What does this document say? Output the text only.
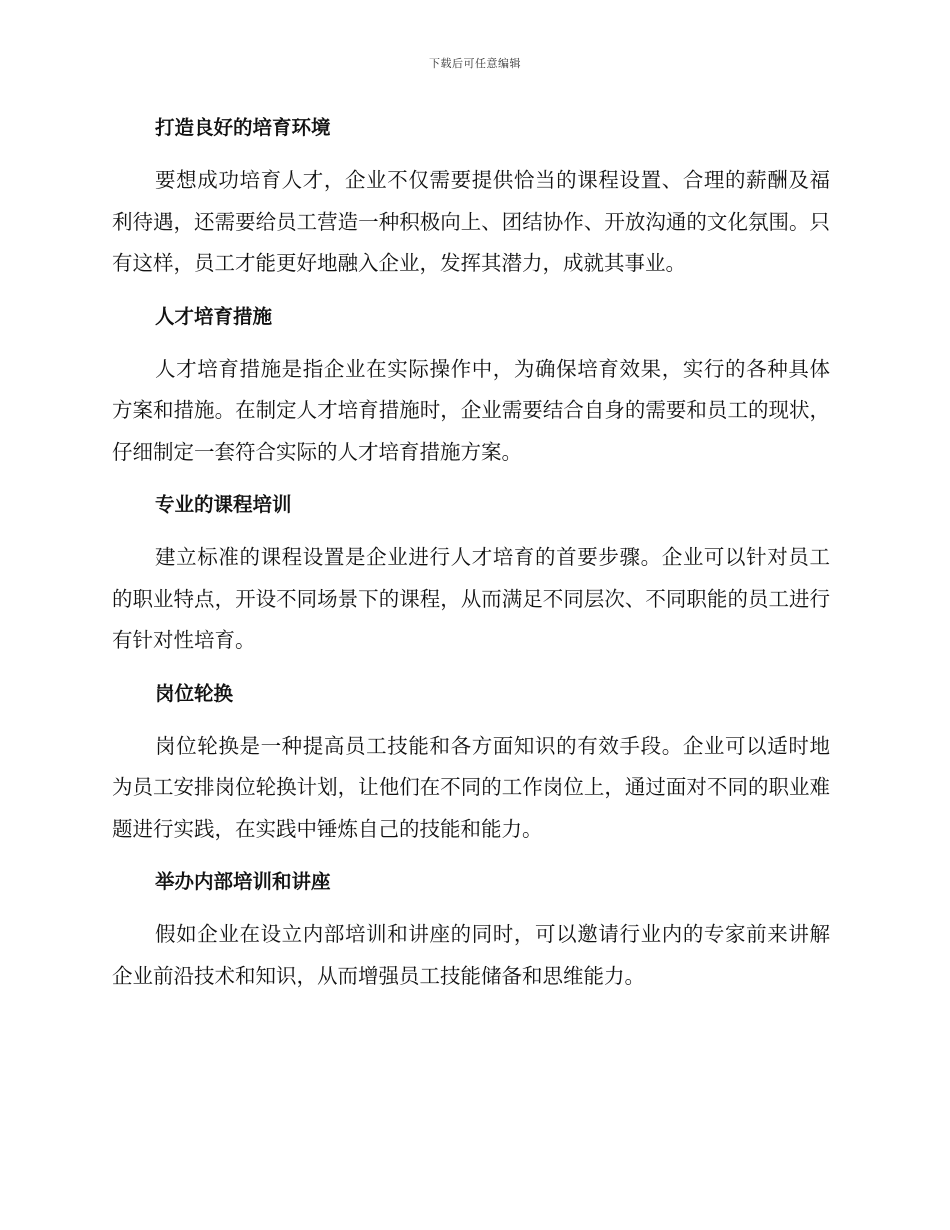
下载后可任意编辑
打造良好的培育环境
要想成功培育人才，企业不仅需要提供恰当的课程设置、合理的薪酬及福利待遇，还需要给员工营造一种积极向上、团结协作、开放沟通的文化氛围。只有这样，员工才能更好地融入企业，发挥其潜力，成就其事业。
人才培育措施
人才培育措施是指企业在实际操作中，为确保培育效果，实行的各种具体方案和措施。在制定人才培育措施时，企业需要结合自身的需要和员工的现状，仔细制定一套符合实际的人才培育措施方案。
专业的课程培训
建立标准的课程设置是企业进行人才培育的首要步骤。企业可以针对员工的职业特点，开设不同场景下的课程，从而满足不同层次、不同职能的员工进行有针对性培育。
岗位轮换
岗位轮换是一种提高员工技能和各方面知识的有效手段。企业可以适时地为员工安排岗位轮换计划，让他们在不同的工作岗位上，通过面对不同的职业难题进行实践，在实践中锤炼自己的技能和能力。
举办内部培训和讲座
假如企业在设立内部培训和讲座的同时，可以邀请行业内的专家前来讲解企业前沿技术和知识，从而增强员工技能储备和思维能力。
